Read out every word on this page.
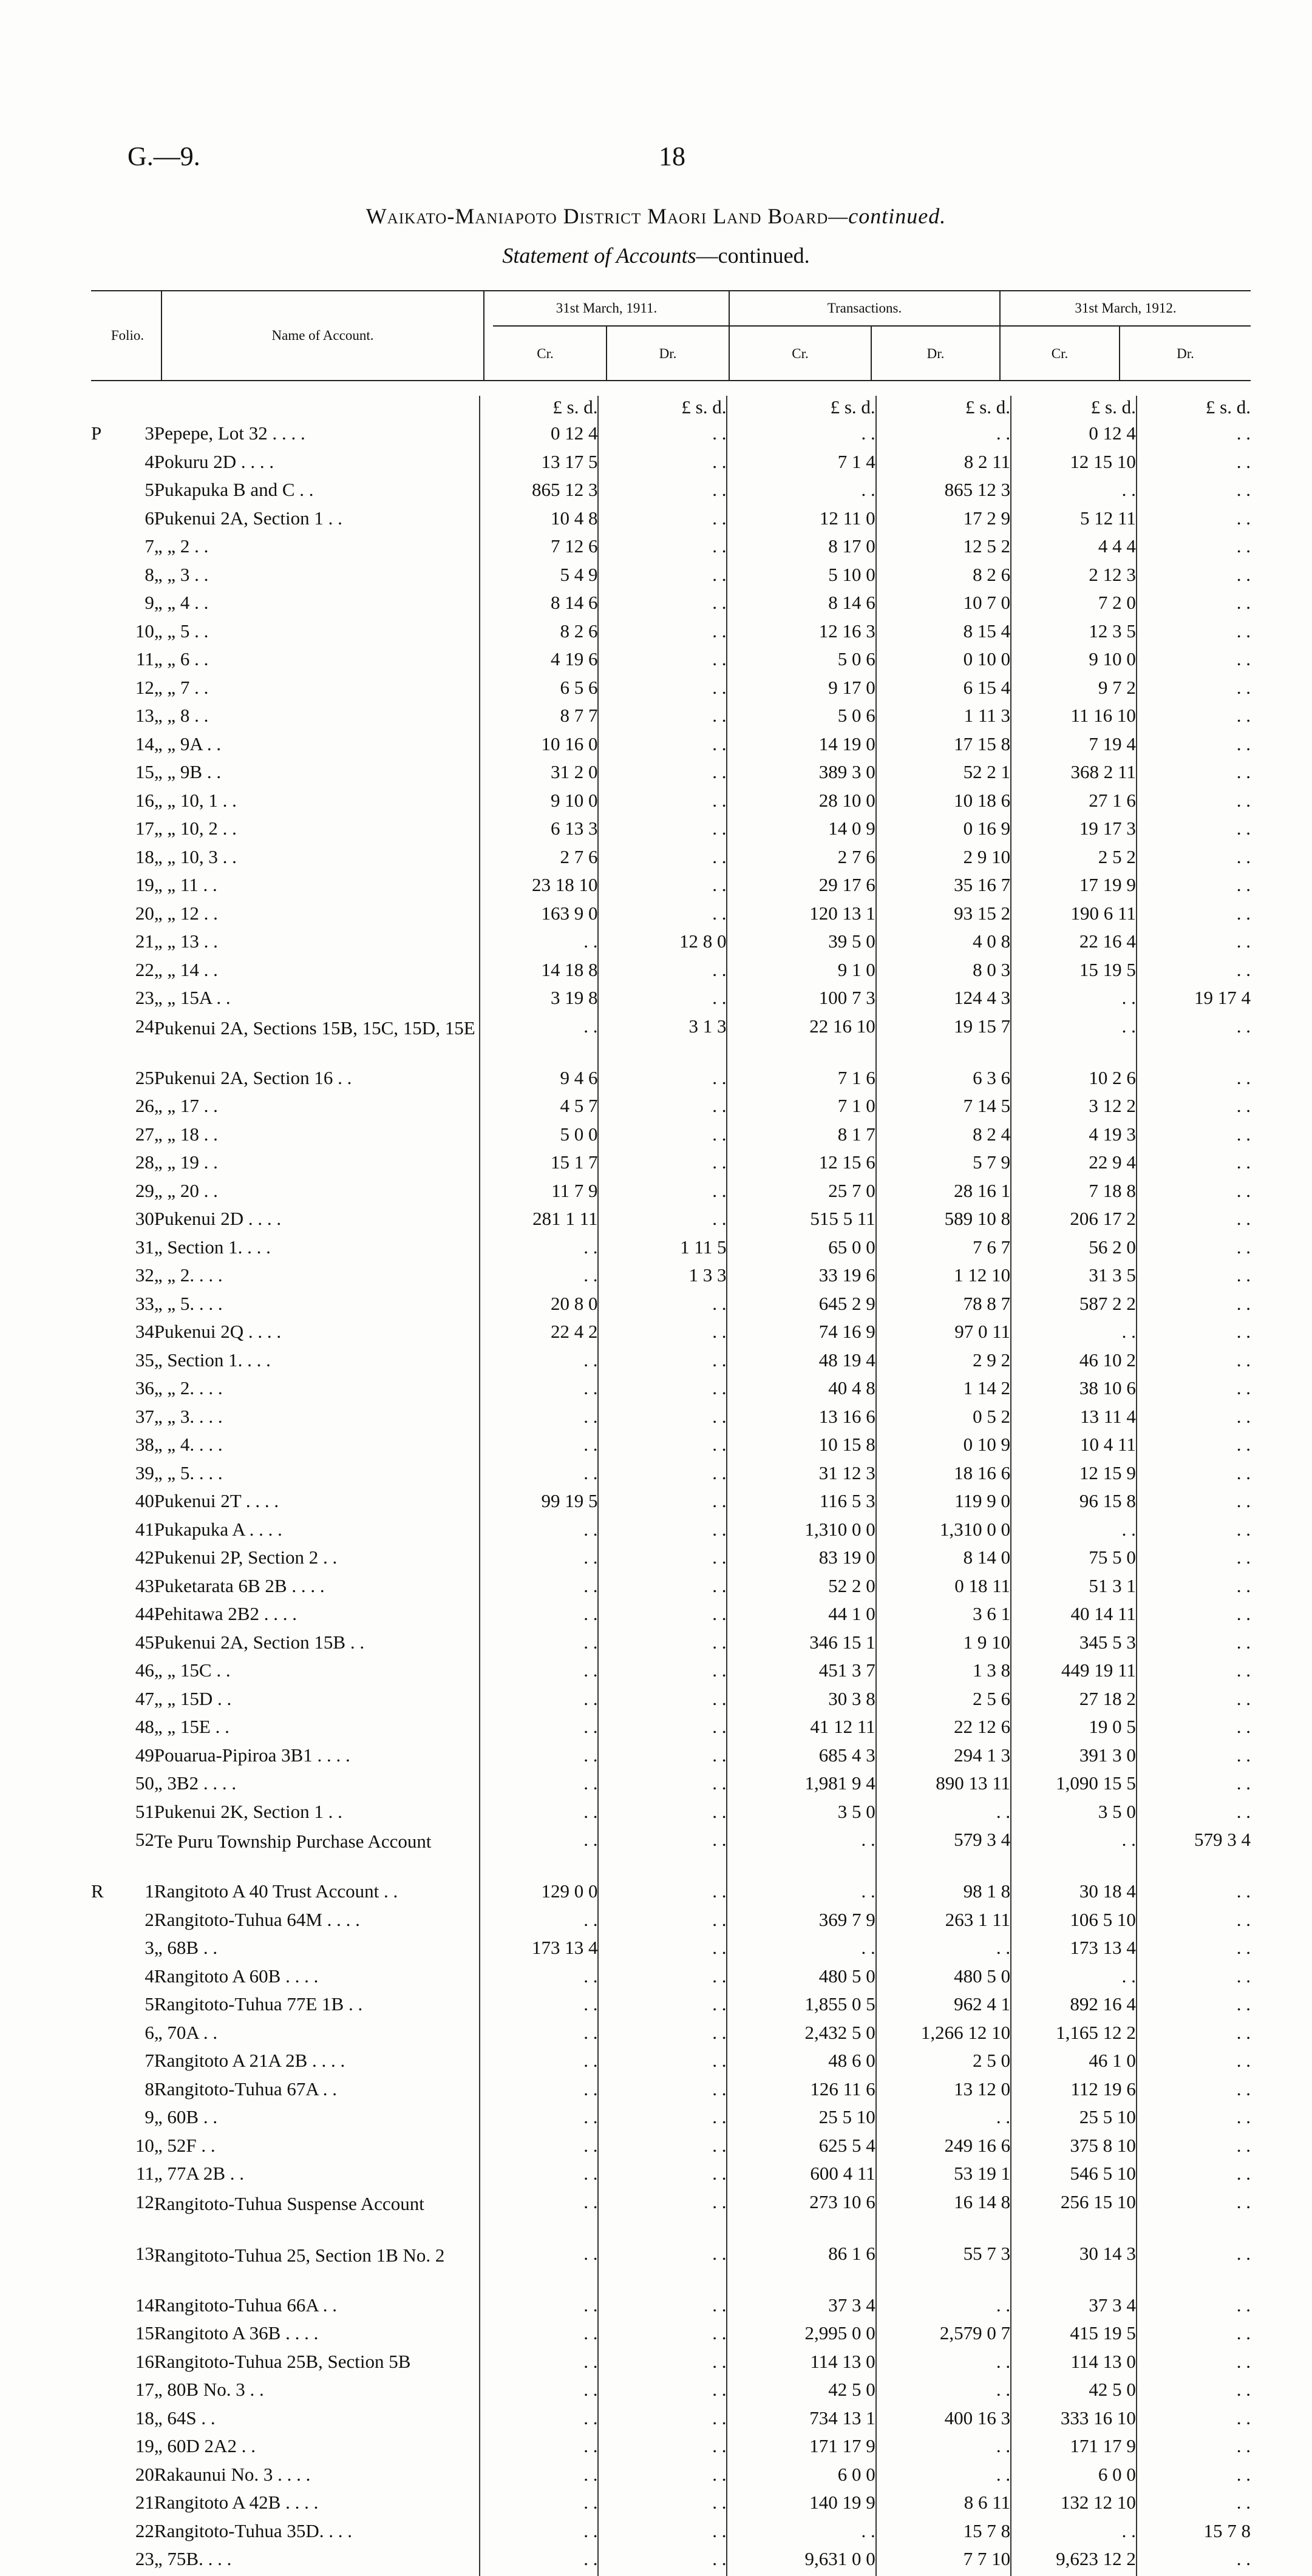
G.—9.	18
Waikato-Maniapoto District Maori Land Board—continued.
Statement of Accounts—continued.
Folio.	Name of Account.
31st March, 1911.	Transactions.	31st March, 1912.
Cr.	Dr.	Cr.	Dr.	Cr.	Dr.
			£ s. d.	£ s. d.	£ s. d.	£ s. d.	£ s. d.	£ s. d.
P	3	Pepepe, Lot 32 . . . .	0 12 4	. .	. .	. .	0 12 4	. .
	4	Pokuru 2D . . . .	13 17 5	. .	7 1 4	8 2 11	12 15 10	. .
	5	Pukapuka B and C . .	865 12 3	. .	. .	865 12 3	. .	. .
	6	Pukenui 2A, Section 1 . .	10 4 8	. .	12 11 0	17 2 9	5 12 11	. .
	7	„ „ 2 . .	7 12 6	. .	8 17 0	12 5 2	4 4 4	. .
	8	„ „ 3 . .	5 4 9	. .	5 10 0	8 2 6	2 12 3	. .
	9	„ „ 4 . .	8 14 6	. .	8 14 6	10 7 0	7 2 0	. .
	10	„ „ 5 . .	8 2 6	. .	12 16 3	8 15 4	12 3 5	. .
	11	„ „ 6 . .	4 19 6	. .	5 0 6	0 10 0	9 10 0	. .
	12	„ „ 7 . .	6 5 6	. .	9 17 0	6 15 4	9 7 2	. .
	13	„ „ 8 . .	8 7 7	. .	5 0 6	1 11 3	11 16 10	. .
	14	„ „ 9A . .	10 16 0	. .	14 19 0	17 15 8	7 19 4	. .
	15	„ „ 9B . .	31 2 0	. .	389 3 0	52 2 1	368 2 11	. .
	16	„ „ 10, 1 . .	9 10 0	. .	28 10 0	10 18 6	27 1 6	. .
	17	„ „ 10, 2 . .	6 13 3	. .	14 0 9	0 16 9	19 17 3	. .
	18	„ „ 10, 3 . .	2 7 6	. .	2 7 6	2 9 10	2 5 2	. .
	19	„ „ 11 . .	23 18 10	. .	29 17 6	35 16 7	17 19 9	. .
	20	„ „ 12 . .	163 9 0	. .	120 13 1	93 15 2	190 6 11	. .
	21	„ „ 13 . .	. .	12 8 0	39 5 0	4 0 8	22 16 4	. .
	22	„ „ 14 . .	14 18 8	. .	9 1 0	8 0 3	15 19 5	. .
	23	„ „ 15A . .	3 19 8	. .	100 7 3	124 4 3	. .	19 17 4
	24	Pukenui 2A, Sections 15B, 15C, 15D, 15E	. .	3 1 3	22 16 10	19 15 7	. .	. .
	25	Pukenui 2A, Section 16 . .	9 4 6	. .	7 1 6	6 3 6	10 2 6	. .
	26	„ „ 17 . .	4 5 7	. .	7 1 0	7 14 5	3 12 2	. .
	27	„ „ 18 . .	5 0 0	. .	8 1 7	8 2 4	4 19 3	. .
	28	„ „ 19 . .	15 1 7	. .	12 15 6	5 7 9	22 9 4	. .
	29	„ „ 20 . .	11 7 9	. .	25 7 0	28 16 1	7 18 8	. .
	30	Pukenui 2D . . . .	281 1 11	. .	515 5 11	589 10 8	206 17 2	. .
	31	„ Section 1. . . .	. .	1 11 5	65 0 0	7 6 7	56 2 0	. .
	32	„ „ 2. . . .	. .	1 3 3	33 19 6	1 12 10	31 3 5	. .
	33	„ „ 5. . . .	20 8 0	. .	645 2 9	78 8 7	587 2 2	. .
	34	Pukenui 2Q . . . .	22 4 2	. .	74 16 9	97 0 11	. .	. .
	35	„ Section 1. . . .	. .	. .	48 19 4	2 9 2	46 10 2	. .
	36	„ „ 2. . . .	. .	. .	40 4 8	1 14 2	38 10 6	. .
	37	„ „ 3. . . .	. .	. .	13 16 6	0 5 2	13 11 4	. .
	38	„ „ 4. . . .	. .	. .	10 15 8	0 10 9	10 4 11	. .
	39	„ „ 5. . . .	. .	. .	31 12 3	18 16 6	12 15 9	. .
	40	Pukenui 2T . . . .	99 19 5	. .	116 5 3	119 9 0	96 15 8	. .
	41	Pukapuka A . . . .	. .	. .	1,310 0 0	1,310 0 0	. .	. .
	42	Pukenui 2P, Section 2 . .	. .	. .	83 19 0	8 14 0	75 5 0	. .
	43	Puketarata 6B 2B . . . .	. .	. .	52 2 0	0 18 11	51 3 1	. .
	44	Pehitawa 2B2 . . . .	. .	. .	44 1 0	3 6 1	40 14 11	. .
	45	Pukenui 2A, Section 15B . .	. .	. .	346 15 1	1 9 10	345 5 3	. .
	46	„ „ 15C . .	. .	. .	451 3 7	1 3 8	449 19 11	. .
	47	„ „ 15D . .	. .	. .	30 3 8	2 5 6	27 18 2	. .
	48	„ „ 15E . .	. .	. .	41 12 11	22 12 6	19 0 5	. .
	49	Pouarua-Pipiroa 3B1 . . . .	. .	. .	685 4 3	294 1 3	391 3 0	. .
	50	„ 3B2 . . . .	. .	. .	1,981 9 4	890 13 11	1,090 15 5	. .
	51	Pukenui 2K, Section 1 . .	. .	. .	3 5 0	. .	3 5 0	. .
	52	Te Puru Township Purchase Account	. .	. .	. .	579 3 4	. .	579 3 4
R	1	Rangitoto A 40 Trust Account . .	129 0 0	. .	. .	98 1 8	30 18 4	. .
	2	Rangitoto-Tuhua 64M . . . .	. .	. .	369 7 9	263 1 11	106 5 10	. .
	3	„ 68B . .	173 13 4	. .	. .	. .	173 13 4	. .
	4	Rangitoto A 60B . . . .	. .	. .	480 5 0	480 5 0	. .	. .
	5	Rangitoto-Tuhua 77E 1B . .	. .	. .	1,855 0 5	962 4 1	892 16 4	. .
	6	„ 70A . .	. .	. .	2,432 5 0	1,266 12 10	1,165 12 2	. .
	7	Rangitoto A 21A 2B . . . .	. .	. .	48 6 0	2 5 0	46 1 0	. .
	8	Rangitoto-Tuhua 67A . .	. .	. .	126 11 6	13 12 0	112 19 6	. .
	9	„ 60B . .	. .	. .	25 5 10	. .	25 5 10	. .
	10	„ 52F . .	. .	. .	625 5 4	249 16 6	375 8 10	. .
	11	„ 77A 2B . .	. .	. .	600 4 11	53 19 1	546 5 10	. .
	12	Rangitoto-Tuhua Suspense Account	. .	. .	273 10 6	16 14 8	256 15 10	. .
	13	Rangitoto-Tuhua 25, Section 1B No. 2	. .	. .	86 1 6	55 7 3	30 14 3	. .
	14	Rangitoto-Tuhua 66A . .	. .	. .	37 3 4	. .	37 3 4	. .
	15	Rangitoto A 36B . . . .	. .	. .	2,995 0 0	2,579 0 7	415 19 5	. .
	16	Rangitoto-Tuhua 25B, Section 5B	. .	. .	114 13 0	. .	114 13 0	. .
	17	„ 80B No. 3 . .	. .	. .	42 5 0	. .	42 5 0	. .
	18	„ 64S . .	. .	. .	734 13 1	400 16 3	333 16 10	. .
	19	„ 60D 2A2 . .	. .	. .	171 17 9	. .	171 17 9	. .
	20	Rakaunui No. 3 . . . .	. .	. .	6 0 0	. .	6 0 0	. .
	21	Rangitoto A 42B . . . .	. .	. .	140 19 9	8 6 11	132 12 10	. .
	22	Rangitoto-Tuhua 35D. . . .	. .	. .	. .	15 7 8	. .	15 7 8
	23	„ 75B. . . .	. .	. .	9,631 0 0	7 7 10	9,623 12 2	. .
